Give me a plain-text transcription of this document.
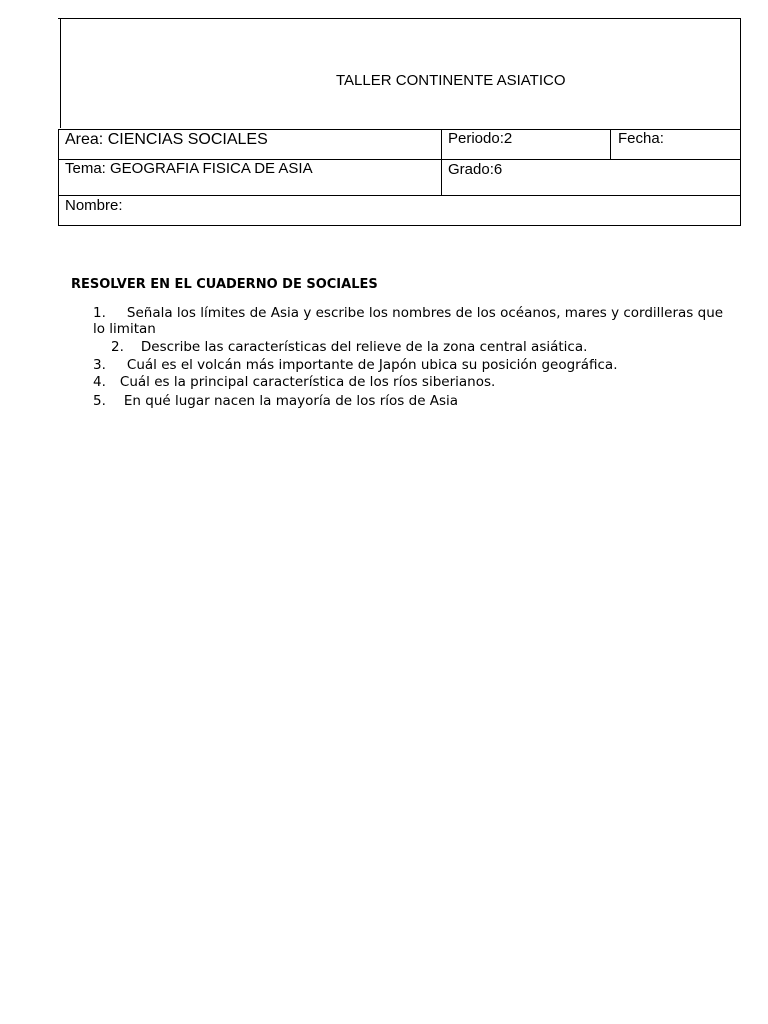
TALLER CONTINENTE ASIATICO
Area: CIENCIAS SOCIALES	Periodo:2	Fecha:
Tema: GEOGRAFIA FISICA DE ASIA	Grado:6
Nombre:
RESOLVER EN EL CUADERNO DE SOCIALES
1. Señala los límites de Asia y escribe los nombres de los océanos, mares y cordilleras que
lo limitan
2. Describe las características del relieve de la zona central asiática.
3. Cuál es el volcán más importante de Japón ubica su posición geográfica.
4. Cuál es la principal característica de los ríos siberianos.
5. En qué lugar nacen la mayoría de los ríos de Asia
